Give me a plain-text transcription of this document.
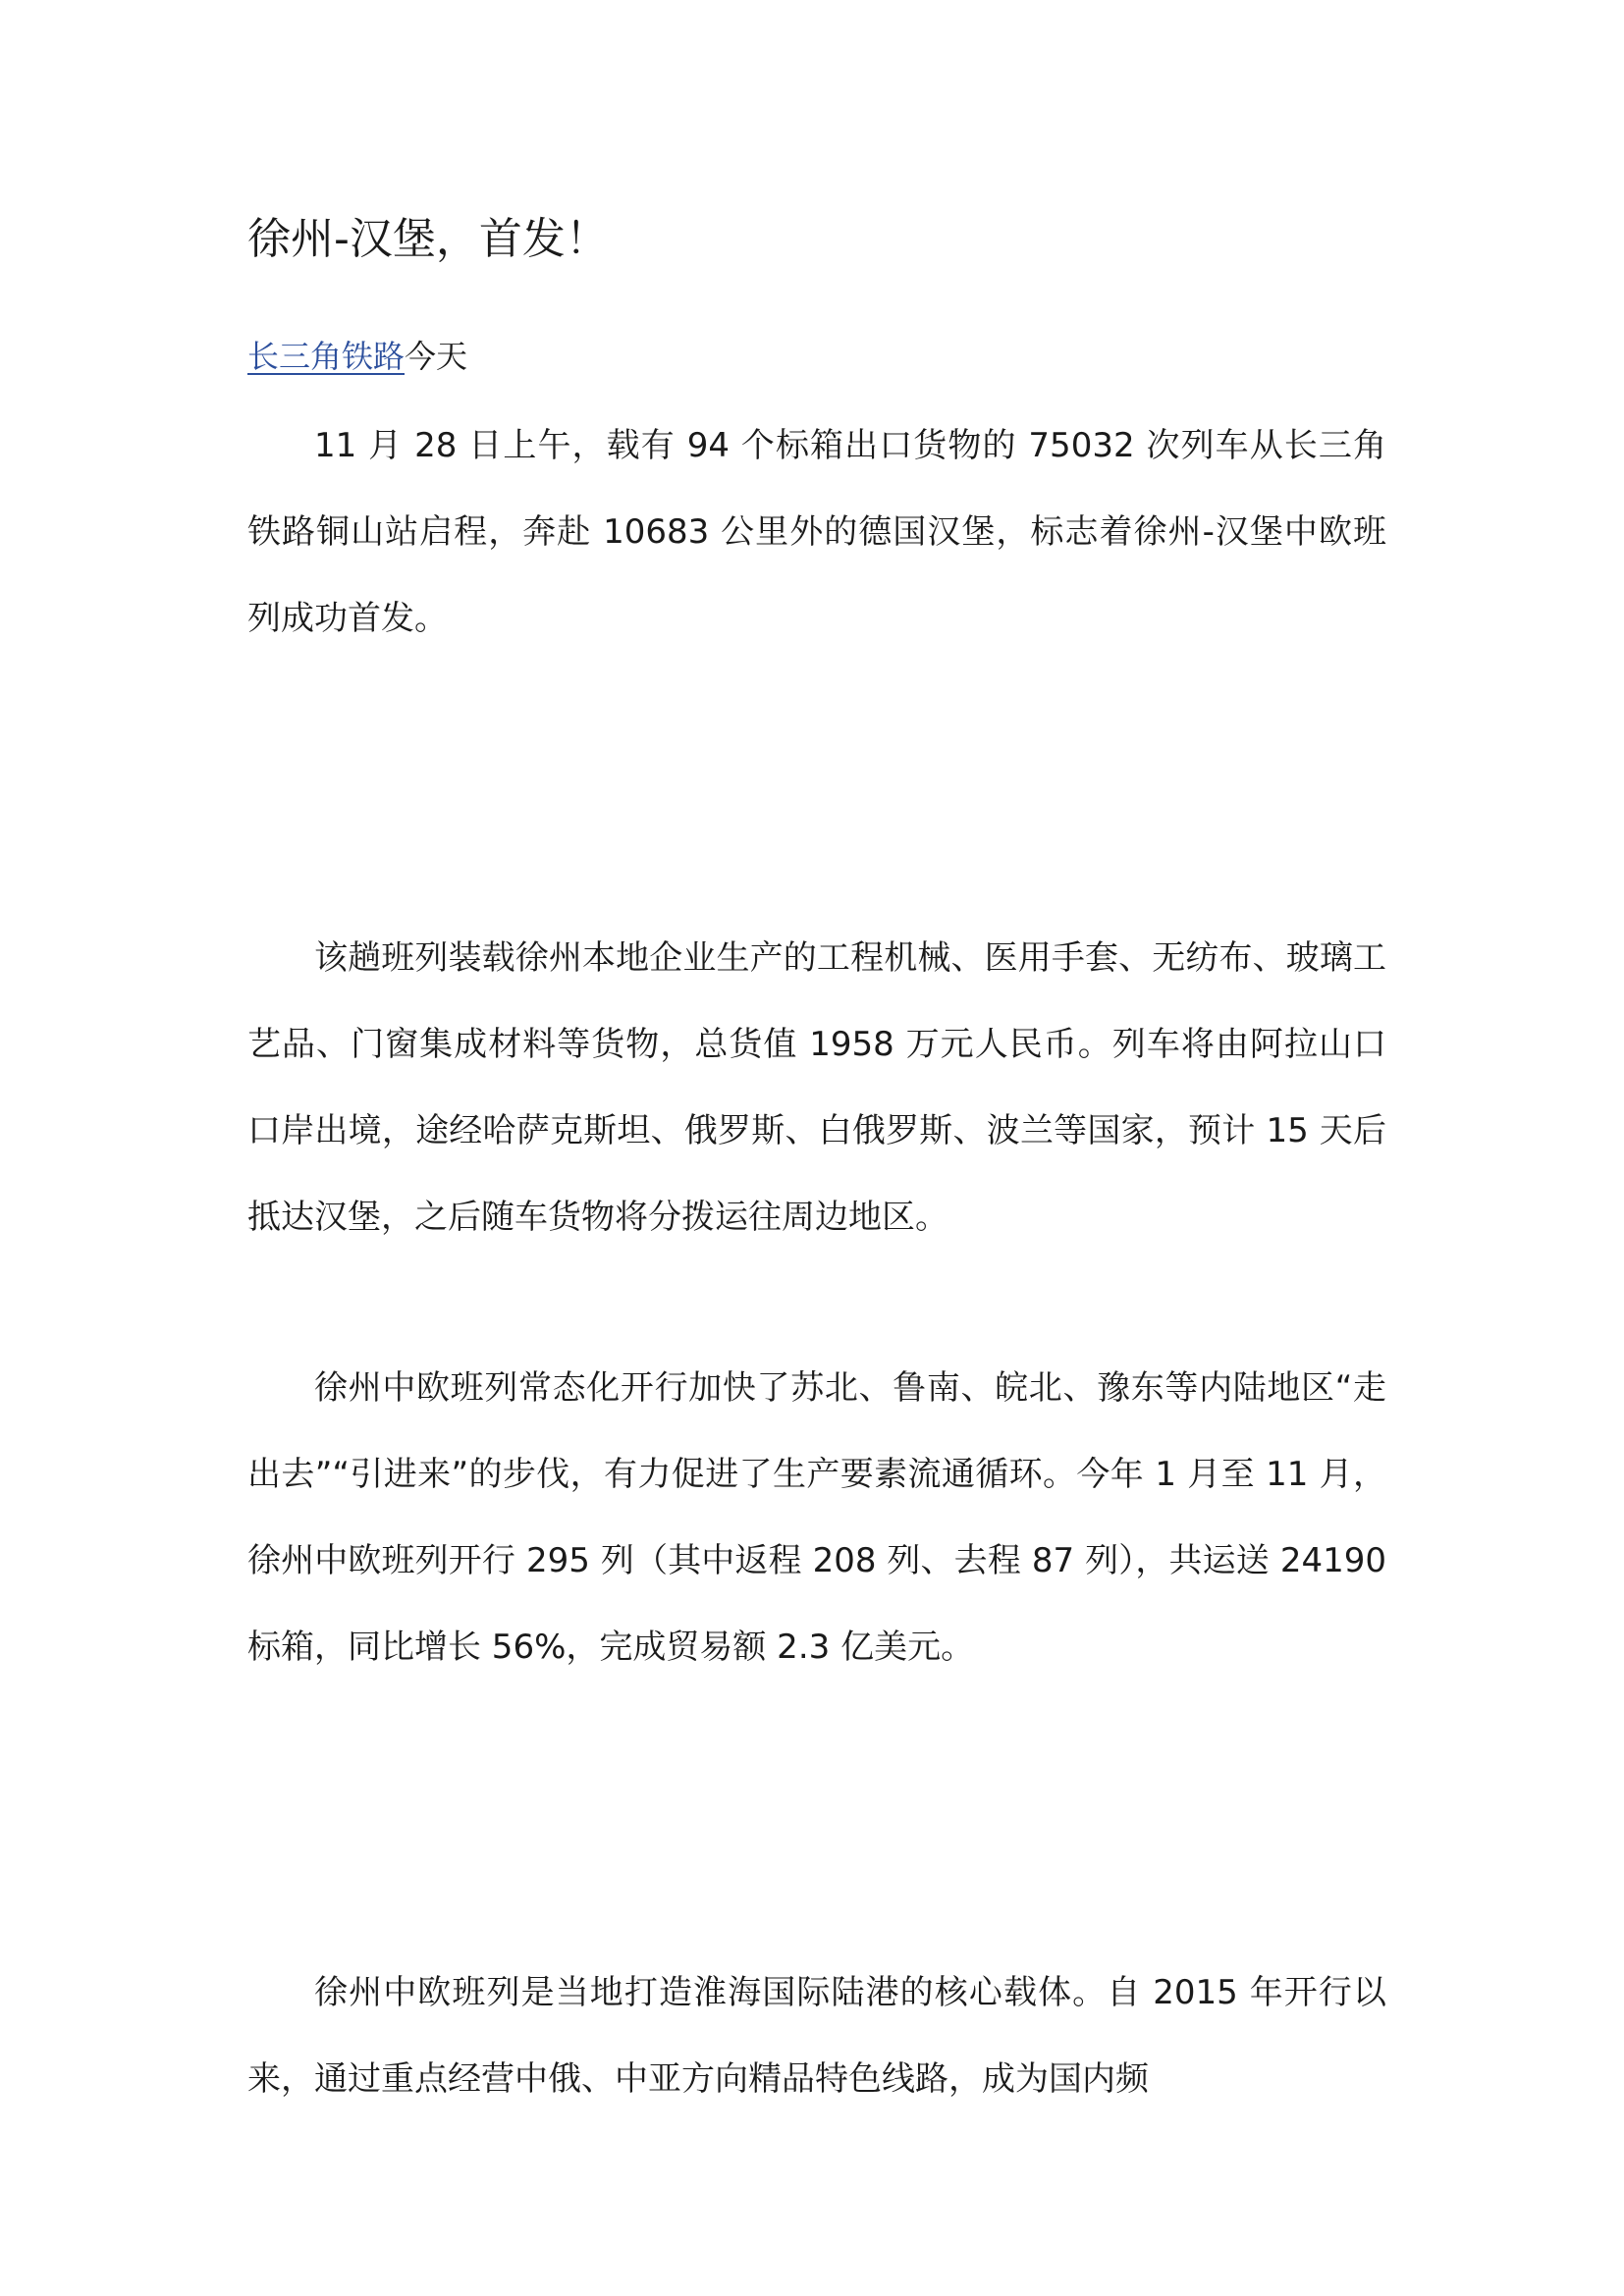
徐州-汉堡，首发！
长三角铁路今天

11 月 28 日上午，载有 94 个标箱出口货物的 75032 次列车从长三角铁路铜山站启程，奔赴 10683 公里外的德国汉堡，标志着徐州-汉堡中欧班列成功首发。

该趟班列装载徐州本地企业生产的工程机械、医用手套、无纺布、玻璃工艺品、门窗集成材料等货物，总货值 1958 万元人民币。列车将由阿拉山口口岸出境，途经哈萨克斯坦、俄罗斯、白俄罗斯、波兰等国家，预计 15 天后抵达汉堡，之后随车货物将分拨运往周边地区。

徐州中欧班列常态化开行加快了苏北、鲁南、皖北、豫东等内陆地区“走出去”“引进来”的步伐，有力促进了生产要素流通循环。今年 1 月至 11 月，徐州中欧班列开行 295 列（其中返程 208 列、去程 87 列），共运送 24190 标箱，同比增长 56%，完成贸易额 2.3 亿美元。

徐州中欧班列是当地打造淮海国际陆港的核心载体。自 2015 年开行以来，通过重点经营中俄、中亚方向精品特色线路，成为国内频
